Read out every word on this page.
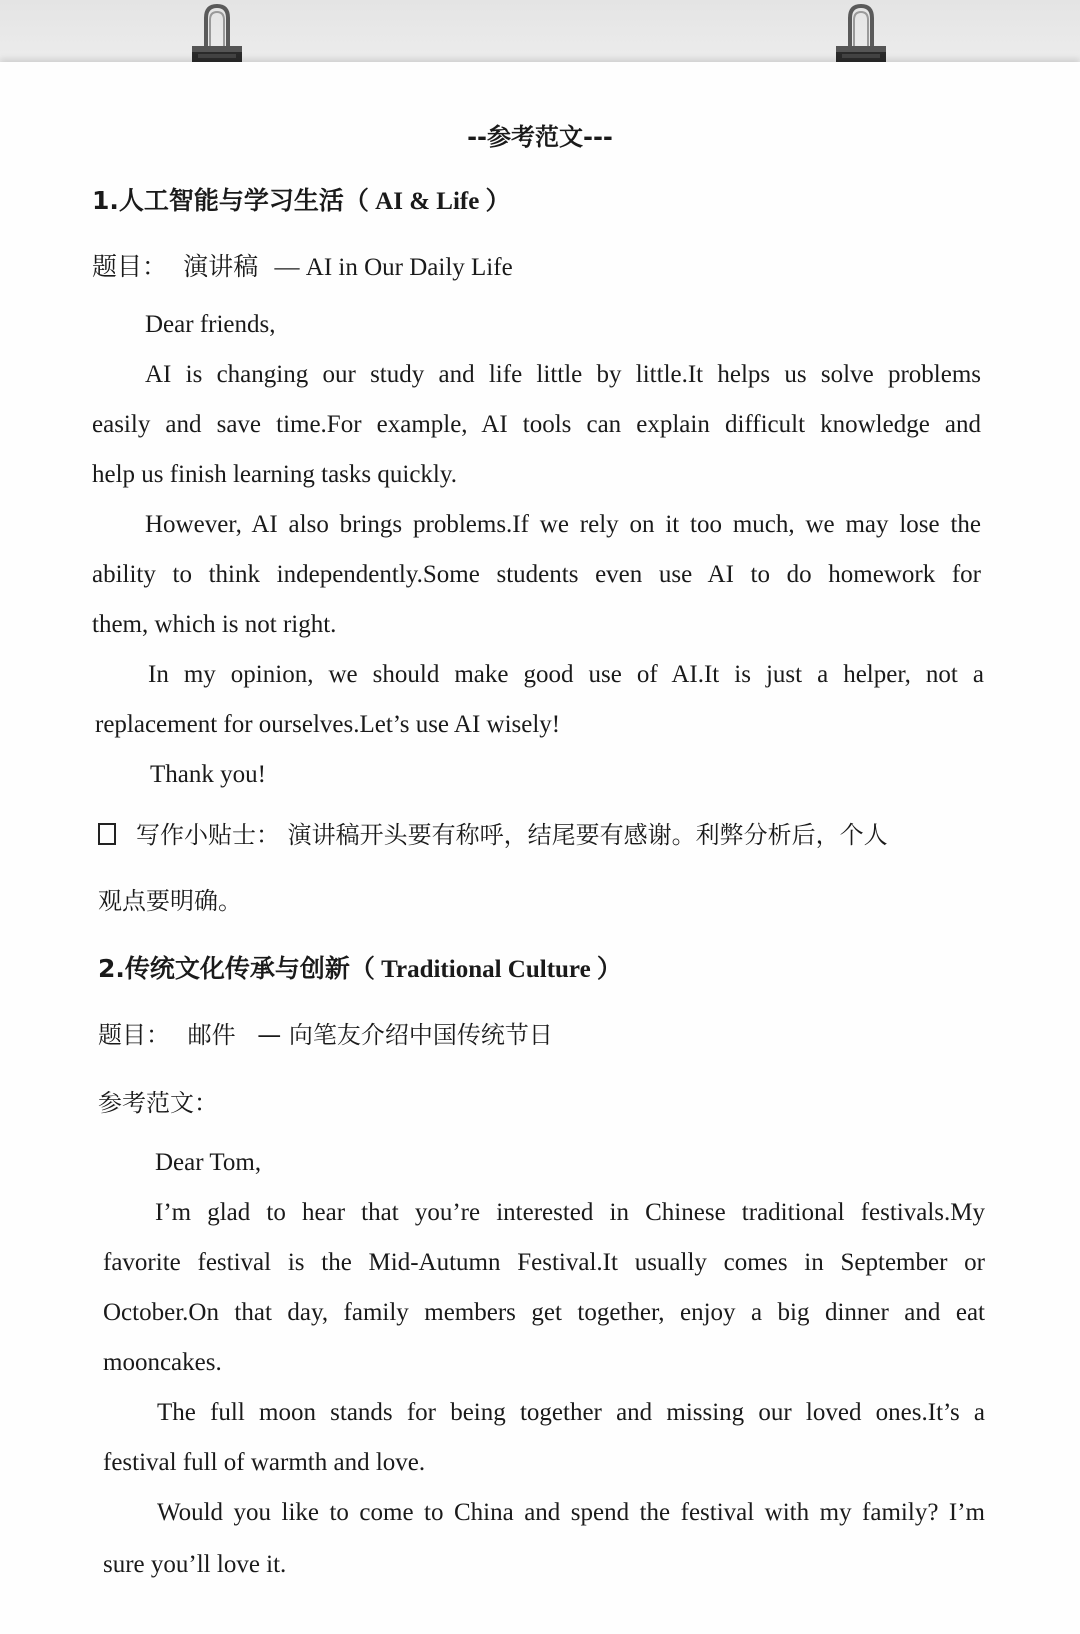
--参考范文---
1.人工智能与学习生活（ AI & Life ）
题目： 演讲稿 — AI in Our Daily Life
Dear friends,
AI is changing our study and life little by little.It helps us solve problems
easily and save time.For example, AI tools can explain difficult knowledge and
help us finish learning tasks quickly.
However, AI also brings problems.If we rely on it too much, we may lose the
ability to think independently.Some students even use AI to do homework for
them, which is not right.
In my opinion, we should make good use of AI.It is just a helper, not a
replacement for ourselves.Let’s use AI wisely!
Thank you!
写作小贴士： 演讲稿开头要有称呼，结尾要有感谢。利弊分析后，个人
观点要明确。
2.传统文化传承与创新（ Traditional Culture ）
题目： 邮件 — 向笔友介绍中国传统节日
参考范文：
Dear Tom,
I’m glad to hear that you’re interested in Chinese traditional festivals.My
favorite festival is the Mid-Autumn Festival.It usually comes in September or
October.On that day, family members get together, enjoy a big dinner and eat
mooncakes.
The full moon stands for being together and missing our loved ones.It’s a
festival full of warmth and love.
Would you like to come to China and spend the festival with my family? I’m
sure you’ll love it.
